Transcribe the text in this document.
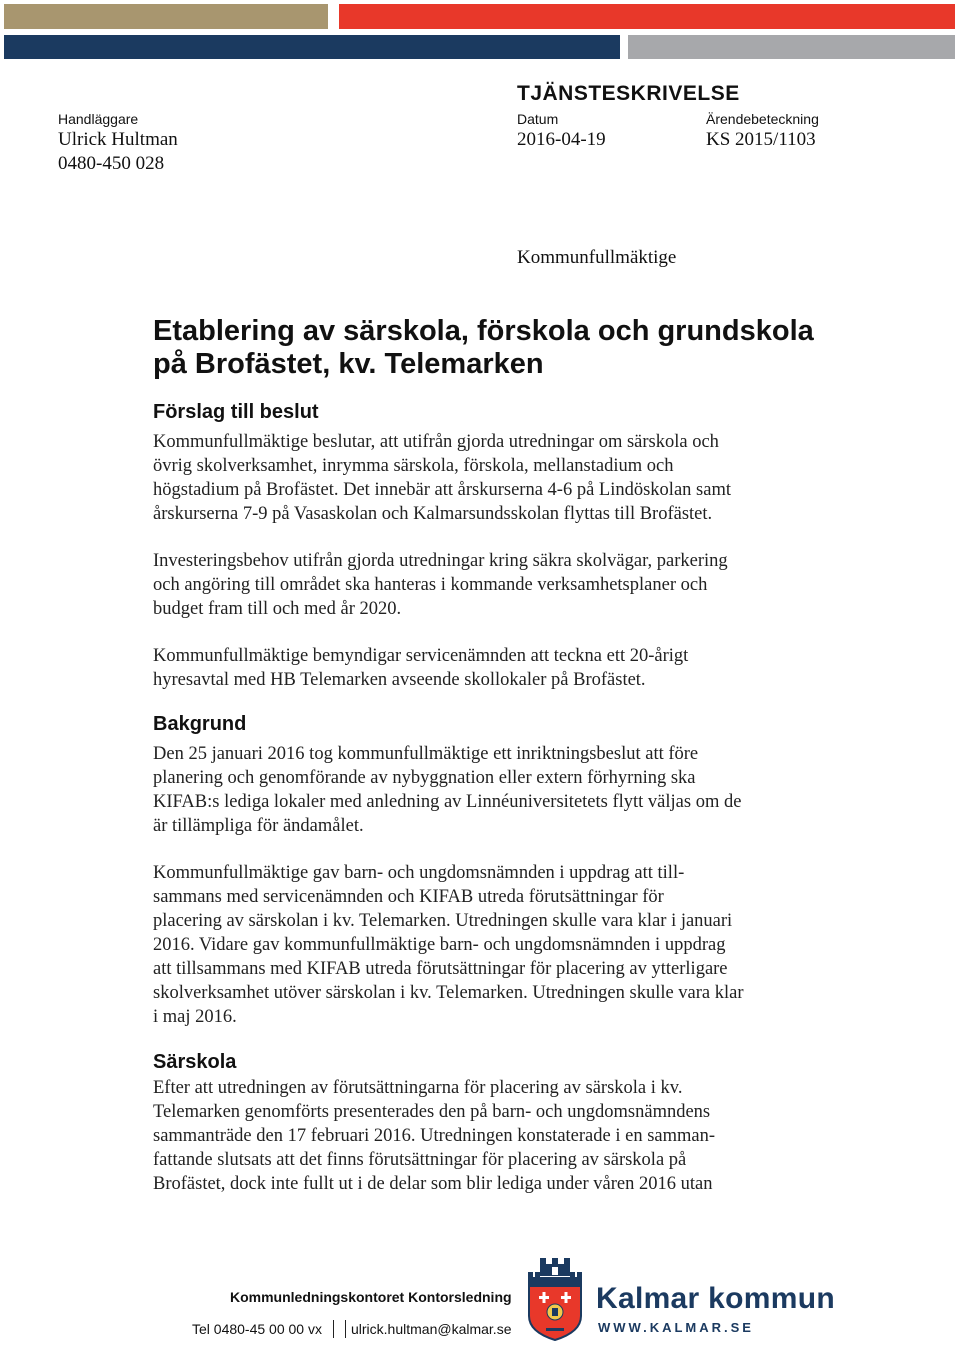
TJÄNSTESKRIVELSE
Handläggare
Ulrick Hultman
0480-450 028
Datum
2016-04-19
Ärendebeteckning
KS 2015/1103
Kommunfullmäktige
Etablering av särskola, förskola och grundskola
på Brofästet, kv. Telemarken
Förslag till beslut
Kommunfullmäktige beslutar, att utifrån gjorda utredningar om särskola och
övrig skolverksamhet, inrymma särskola, förskola, mellanstadium och
högstadium på Brofästet. Det innebär att årskurserna 4-6 på Lindöskolan samt
årskurserna 7-9 på Vasaskolan och Kalmarsundsskolan flyttas till Brofästet.
Investeringsbehov utifrån gjorda utredningar kring säkra skolvägar, parkering
och angöring till området ska hanteras i kommande verksamhetsplaner och
budget fram till och med år 2020.
Kommunfullmäktige bemyndigar servicenämnden att teckna ett 20-årigt
hyresavtal med HB Telemarken avseende skollokaler på Brofästet.
Bakgrund
Den 25 januari 2016 tog kommunfullmäktige ett inriktningsbeslut att före
planering och genomförande av nybyggnation eller extern förhyrning ska
KIFAB:s lediga lokaler med anledning av Linnéuniversitetets flytt väljas om de
är tillämpliga för ändamålet.
Kommunfullmäktige gav barn- och ungdomsnämnden i uppdrag att till-
sammans med servicenämnden och KIFAB utreda förutsättningar för
placering av särskolan i kv. Telemarken. Utredningen skulle vara klar i januari
2016. Vidare gav kommunfullmäktige barn- och ungdomsnämnden i uppdrag
att tillsammans med KIFAB utreda förutsättningar för placering av ytterligare
skolverksamhet utöver särskolan i kv. Telemarken. Utredningen skulle vara klar
i maj 2016.
Särskola
Efter att utredningen av förutsättningarna för placering av särskola i kv.
Telemarken genomförts presenterades den på barn- och ungdomsnämndens
sammanträde den 17 februari 2016. Utredningen konstaterade i en samman-
fattande slutsats att det finns förutsättningar för placering av särskola på
Brofästet, dock inte fullt ut i de delar som blir lediga under våren 2016 utan
Kommunledningskontoret Kontorsledning
Tel 0480-45 00 00 vx ulrick.hultman@kalmar.se
Kalmar kommun
WWW.KALMAR.SE
